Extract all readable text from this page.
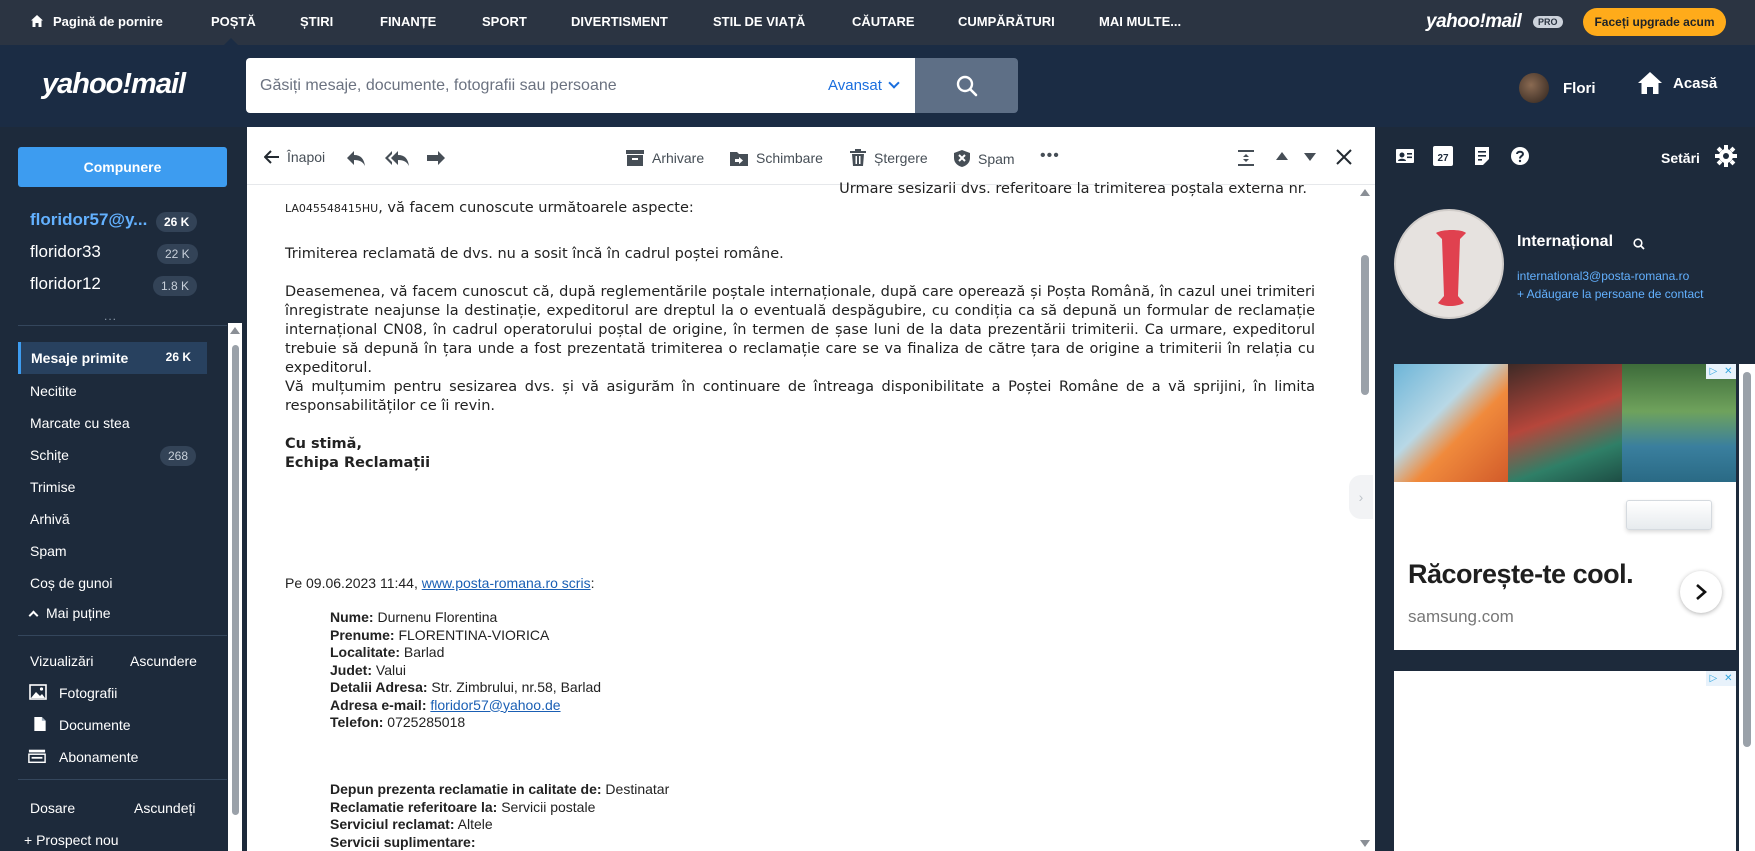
Pagină de pornire	POȘTĂ	ȘTIRI	FINANȚE	SPORT	DIVERTISMENT	STIL DE VIAȚĂ	CĂUTARE	CUMPĂRĂTURI	MAI MULTE...	yahoo!mail	PRO	Faceți upgrade acum
yahoo!mail
Găsiți mesaje, documente, fotografii sau persoane	Avansat	Flori	Acasă
Compunere
floridor57@y...	26 K
floridor33	22 K
floridor12	1.8 K
...
Mesaje primite	26 K
Necitite
Marcate cu stea
Schițe	268
Trimise
Arhivă
Spam
Coș de gunoi
Mai puține
Vizualizări	Ascundere
Fotografii
Documente
Abonamente
Dosare	Ascundeți
+ Prospect nou
Înapoi	Arhivare	Schimbare	Ștergere	Spam •••

Urmare sesizarii dvs. referitoare la trimiterea poștala externa nr.

LA045548415HU, vă facem cunoscute următoarele aspecte:

Trimiterea reclamată de dvs. nu a sosit încă în cadrul poștei române.

Deasemenea, vă facem cunoscut că, după reglementările poștale internaționale, după care operează și Poșta Română, în cazul unei trimiteri înregistrate neajunse la destinație, expeditorul are dreptul la o eventuală despăgubire, cu condiția ca să depună un formular de reclamație internațional CN08, în cadrul operatorului poștal de origine, în termen de șase luni de la data prezentării trimiterii. Ca urmare, expeditorul trebuie să depună în țara unde a fost prezentată trimiterea o reclamație care se va finaliza de către țara de origine a trimiterii în relația cu expeditorul.

Vă mulțumim pentru sesizarea dvs. și vă asigurăm în continuare de întreaga disponibilitate a Poștei Române de a vă sprijini, în limita responsabilităților ce îi revin.

Cu stimă,

Echipa Reclamații

Pe 09.06.2023 11:44, www.posta-romana.ro scris:
Nume: Durnenu Florentina
Prenume: FLORENTINA-VIORICA
Localitate: Barlad
Judet: Valui
Detalii Adresa: Str. Zimbrului, nr.58, Barlad
Adresa e-mail: floridor57@yahoo.de
Telefon: 0725285018
Depun prezenta reclamatie in calitate de: Destinatar
Reclamatie referitoare la: Servicii postale
Serviciul reclamat: Altele
Servicii suplimentare:
›
27	Setări
Internațional
international3@posta-romana.ro
+ Adăugare la persoane de contact
▷ ✕
Răcorește-te cool.
samsung.com
▷ ✕
